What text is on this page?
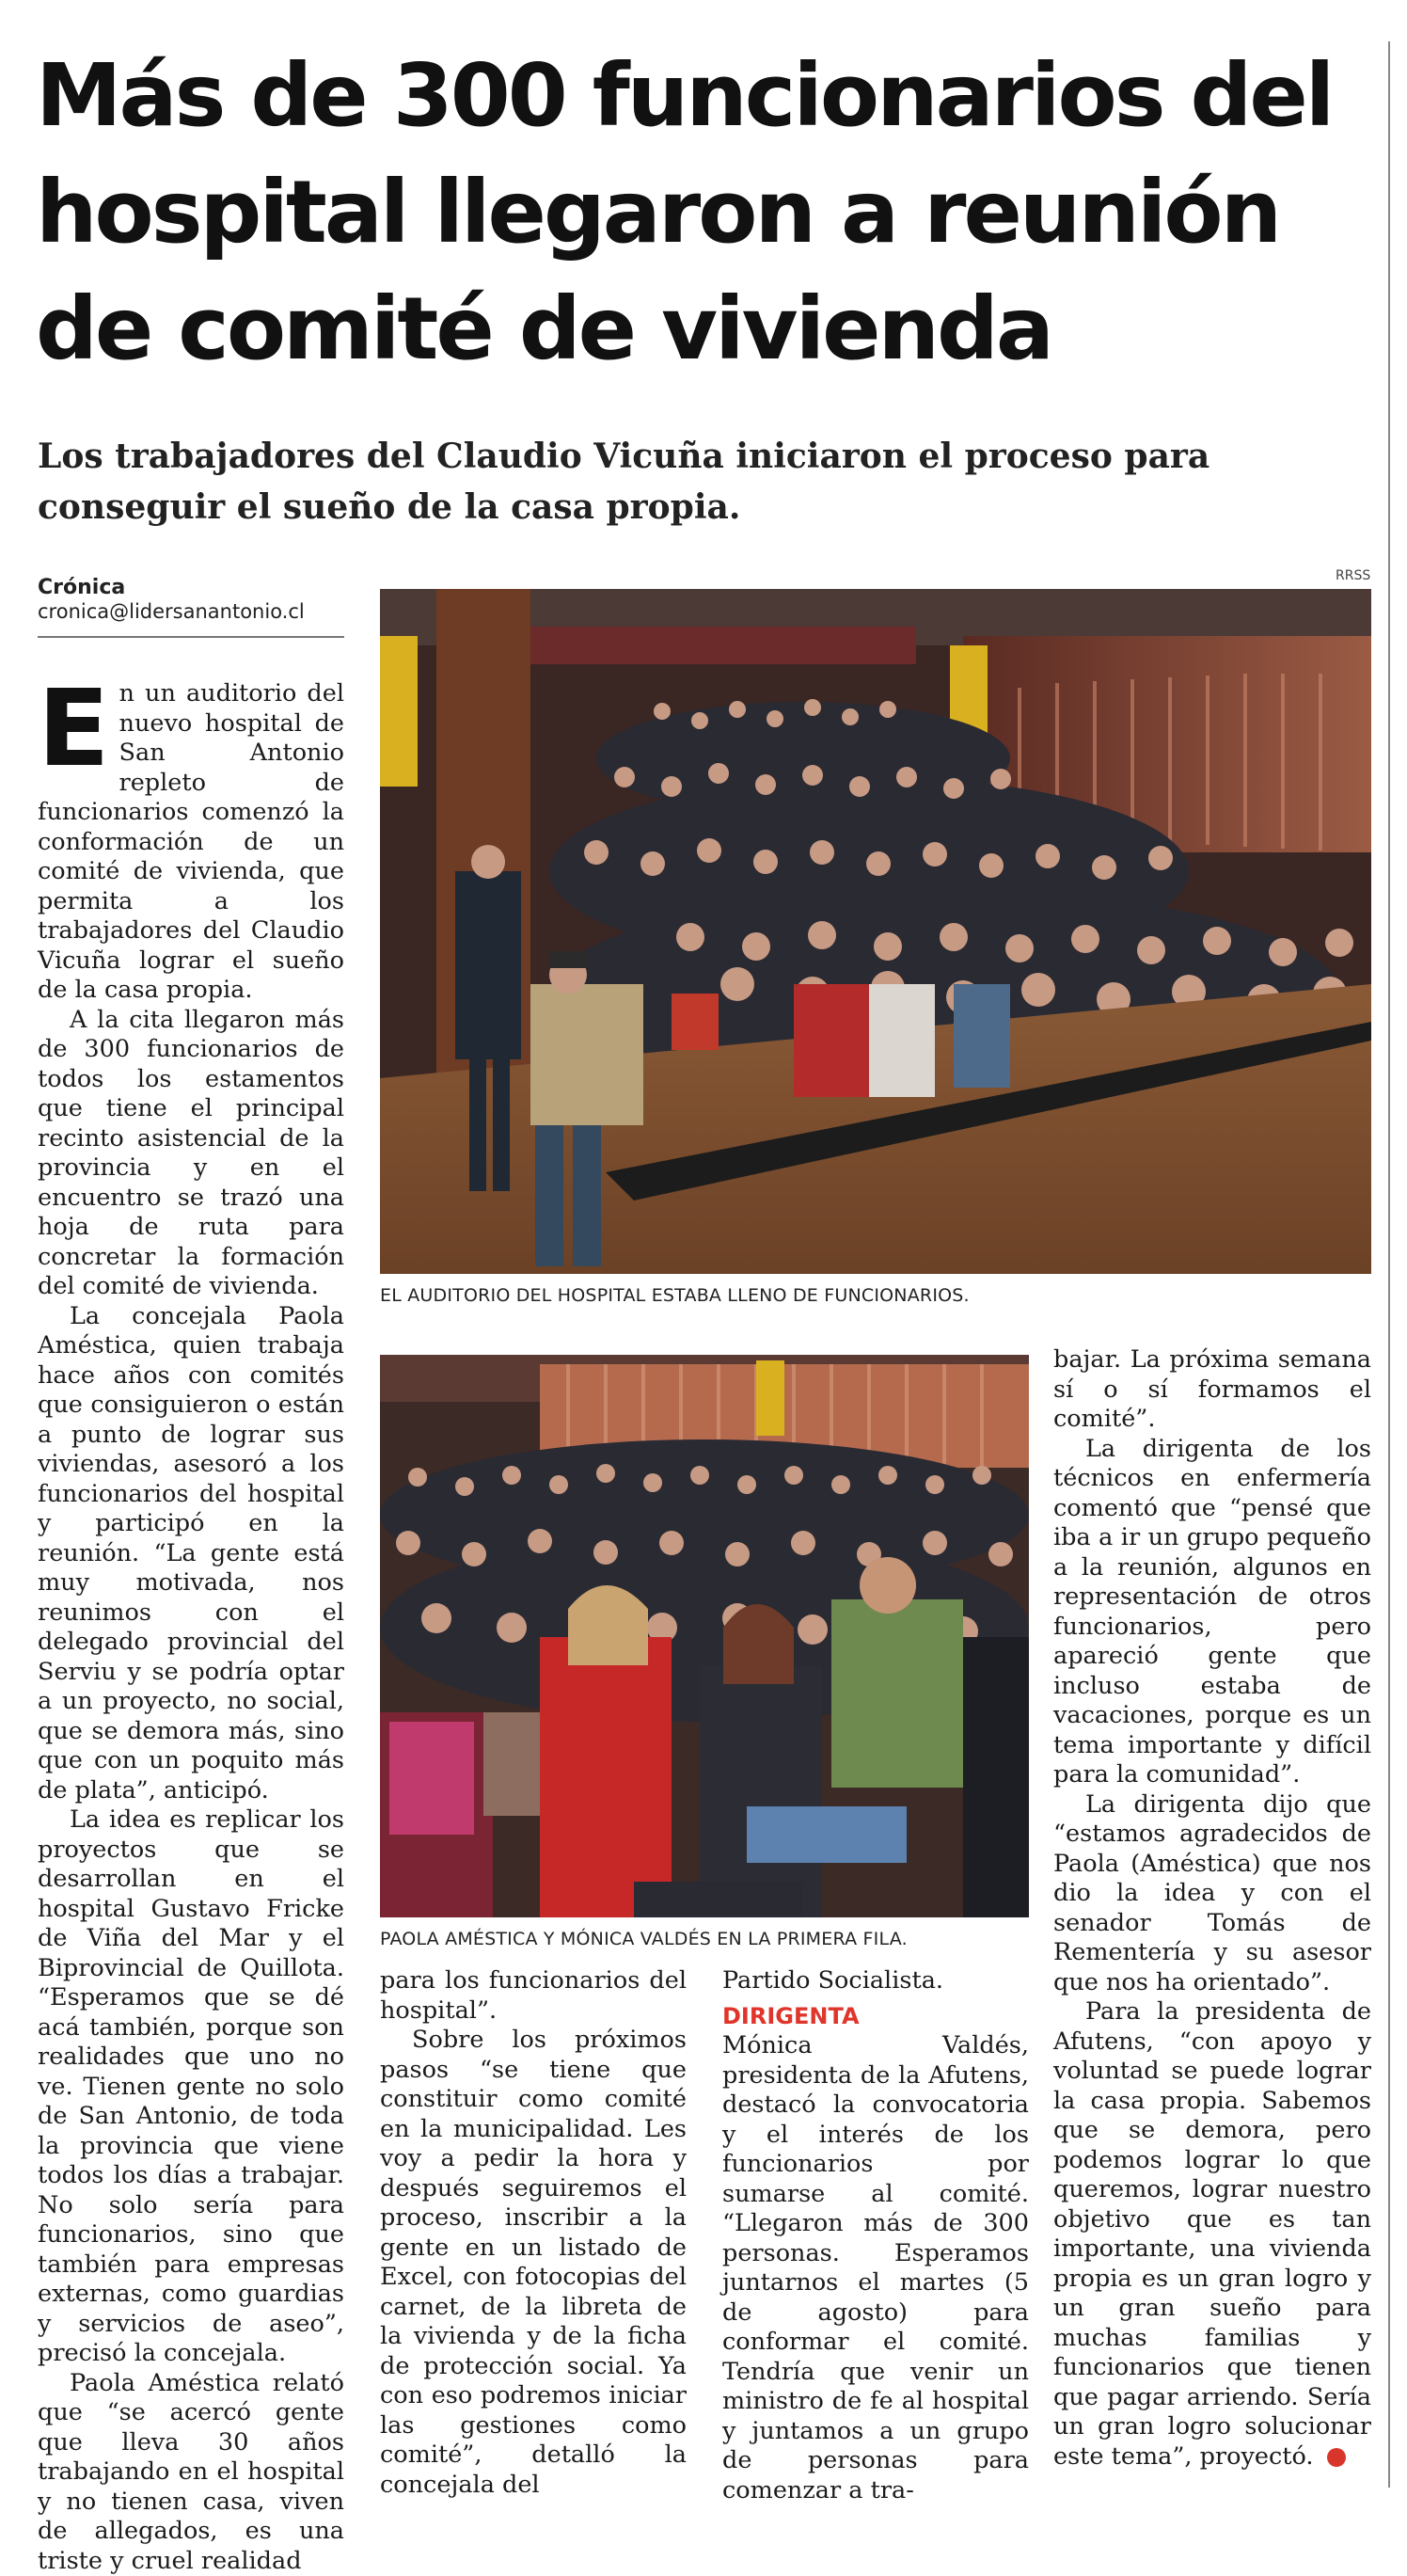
Más de 300 funcionarios del hospital llegaron a reunión de comité de vivienda

Los trabajadores del Claudio Vicuña iniciaron el proceso para conseguir el sueño de la casa propia.

Crónica
cronica@lidersanantonio.cl
RRSS
EL AUDITORIO DEL HOSPITAL ESTABA LLENO DE FUNCIONARIOS.
PAOLA AMÉSTICA Y MÓNICA VALDÉS EN LA PRIMERA FILA.

En un auditorio del nuevo hospital de San Antonio repleto de funcionarios comenzó la conformación de un comité de vivienda, que permita a los trabajadores del Claudio Vicuña lograr el sueño de la casa propia.

A la cita llegaron más de 300 funcionarios de todos los estamentos que tiene el principal recinto asistencial de la provincia y en el encuentro se trazó una hoja de ruta para concretar la formación del comité de vivienda.

La concejala Paola Améstica, quien trabaja hace años con comités que consiguieron o están a punto de lograr sus viviendas, asesoró a los funcionarios del hospital y participó en la reunión. “La gente está muy motivada, nos reunimos con el delegado provincial del Serviu y se podría optar a un proyecto, no social, que se demora más, sino que con un poquito más de plata”, anticipó.

La idea es replicar los proyectos que se desarrollan en el hospital Gustavo Fricke de Viña del Mar y el Biprovincial de Quillota. “Esperamos que se dé acá también, porque son realidades que uno no ve. Tienen gente no solo de San Antonio, de toda la provincia que viene todos los días a trabajar. No solo sería para funcionarios, sino que también para empresas externas, como guardias y servicios de aseo”, precisó la concejala.

Paola Améstica relató que “se acercó gente que lleva 30 años trabajando en el hospital y no tienen casa, viven de allegados, es una triste y cruel realidad

para los funcionarios del hospital”.

Sobre los próximos pasos “se tiene que constituir como comité en la municipalidad. Les voy a pedir la hora y después seguiremos el proceso, inscribir a la gente en un listado de Excel, con fotocopias del carnet, de la libreta de la vivienda y de la ficha de protección social. Ya con eso podremos iniciar las gestiones como comité”, detalló la concejala del

Partido Socialista.

DIRIGENTA

Mónica Valdés, presidenta de la Afutens, destacó la convocatoria y el interés de los funcionarios por sumarse al comité. “Llegaron más de 300 personas. Esperamos juntarnos el martes (5 de agosto) para conformar el comité. Tendría que venir un ministro de fe al hospital y juntamos a un grupo de personas para comenzar a tra-

bajar. La próxima semana sí o sí formamos el comité”.

La dirigenta de los técnicos en enfermería comentó que “pensé que iba a ir un grupo pequeño a la reunión, algunos en representación de otros funcionarios, pero apareció gente que incluso estaba de vacaciones, porque es un tema importante y difícil para la comunidad”.

La dirigenta dijo que “estamos agradecidos de Paola (Améstica) que nos dio la idea y con el senador Tomás de Rementería y su asesor que nos ha orientado”.

Para la presidenta de Afutens, “con apoyo y voluntad se puede lograr la casa propia. Sabemos que se demora, pero podemos lograr lo que queremos, lograr nuestro objetivo que es tan importante, una vivienda propia es un gran logro y un gran sueño para muchas familias y funcionarios que tienen que pagar arriendo. Sería un gran logro solucionar este tema”, proyectó.	✪
